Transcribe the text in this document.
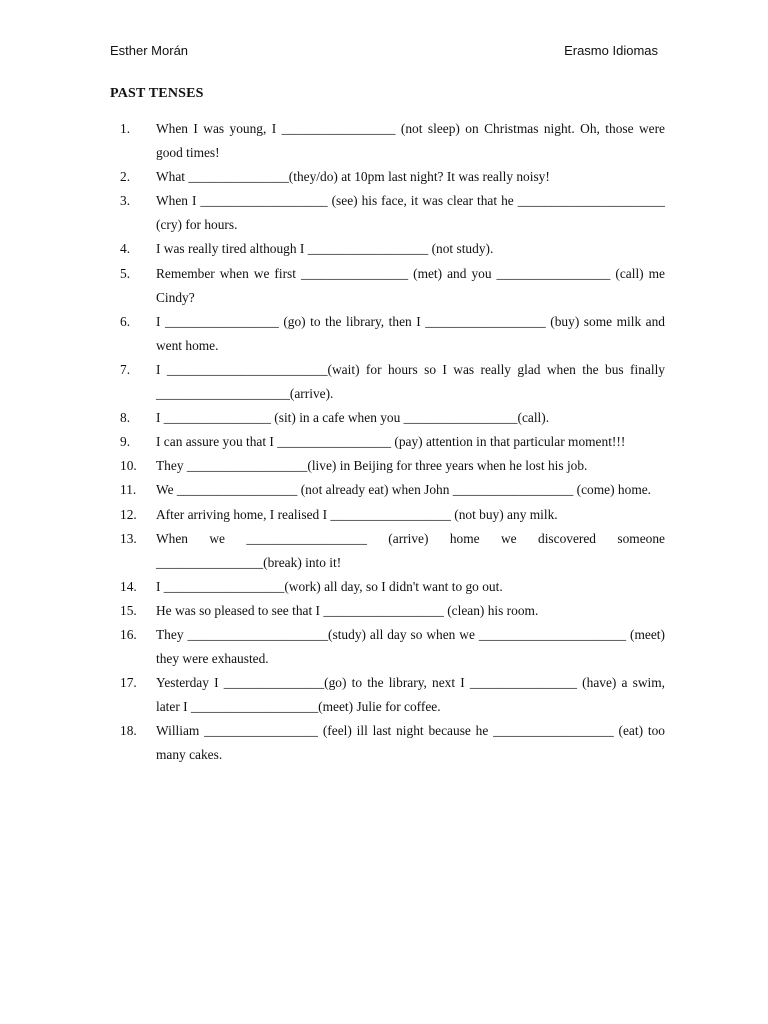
Esther Morán	Erasmo Idiomas
PAST TENSES
1.	When I was young, I _________________ (not sleep) on Christmas night. Oh, those were good times!
2.	What _______________(they/do) at 10pm last night? It was really noisy!
3.	When I ___________________ (see) his face, it was clear that he ______________________ (cry) for hours.
4.	I was really tired although I __________________ (not study).
5.	Remember when we first ________________ (met) and you _________________ (call) me Cindy?
6.	I _________________ (go) to the library, then I __________________ (buy) some milk and went home.
7.	I ________________________(wait) for hours so I was really glad when the bus finally ____________________(arrive).
8.	I ________________ (sit) in a cafe when you _________________(call).
9.	I can assure you that I _________________ (pay) attention in that particular moment!!!
10.	They __________________(live) in Beijing for three years when he lost his job.
11.	We __________________ (not already eat) when John __________________ (come) home.
12.	After arriving home, I realised I __________________ (not buy) any milk.
13.	When we __________________ (arrive) home we discovered someone ________________(break) into it!
14.	I __________________(work) all day, so I didn't want to go out.
15.	He was so pleased to see that I __________________ (clean) his room.
16.	They _____________________(study) all day so when we ______________________ (meet) they were exhausted.
17.	Yesterday I _______________(go) to the library, next I ________________ (have) a swim, later I ___________________(meet) Julie for coffee.
18.	William _________________ (feel) ill last night because he __________________ (eat) too many cakes.
